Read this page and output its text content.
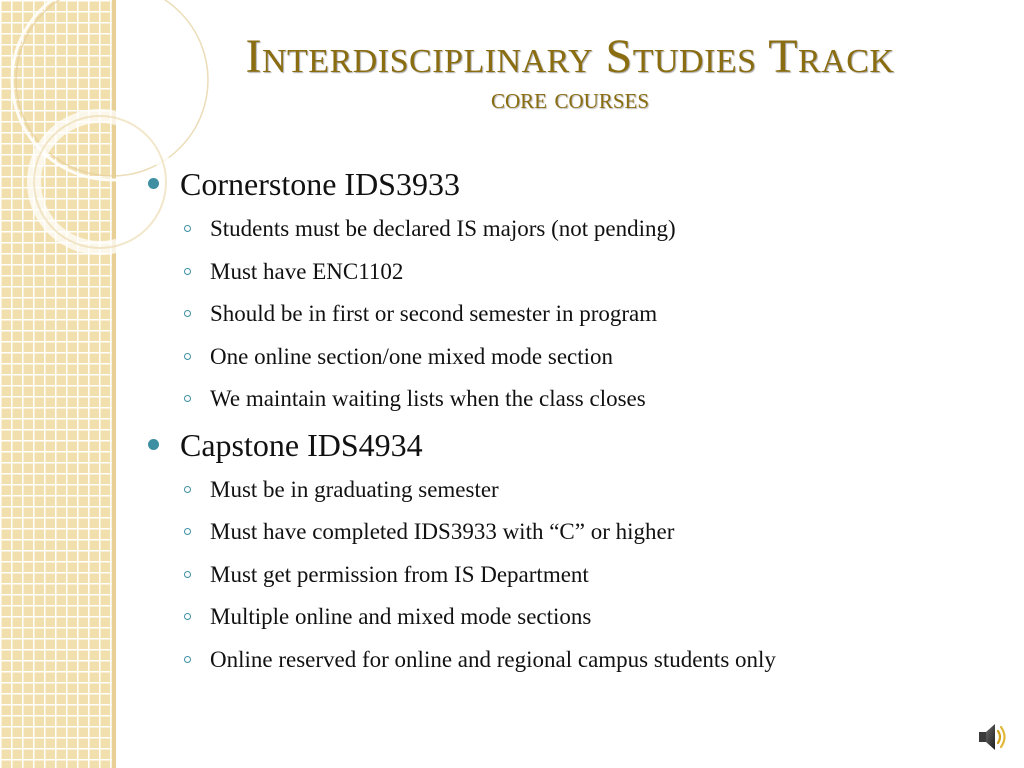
Interdisciplinary Studies Track
core courses

Cornerstone IDS3933

Students must be declared IS majors (not pending)
Must have ENC1102
Should be in first or second semester in program
One online section/one mixed mode section
We maintain waiting lists when the class closes

Capstone IDS4934

Must be in graduating semester
Must have completed IDS3933 with “C” or higher
Must get permission from IS Department
Multiple online and mixed mode sections
Online reserved for online and regional campus students only
